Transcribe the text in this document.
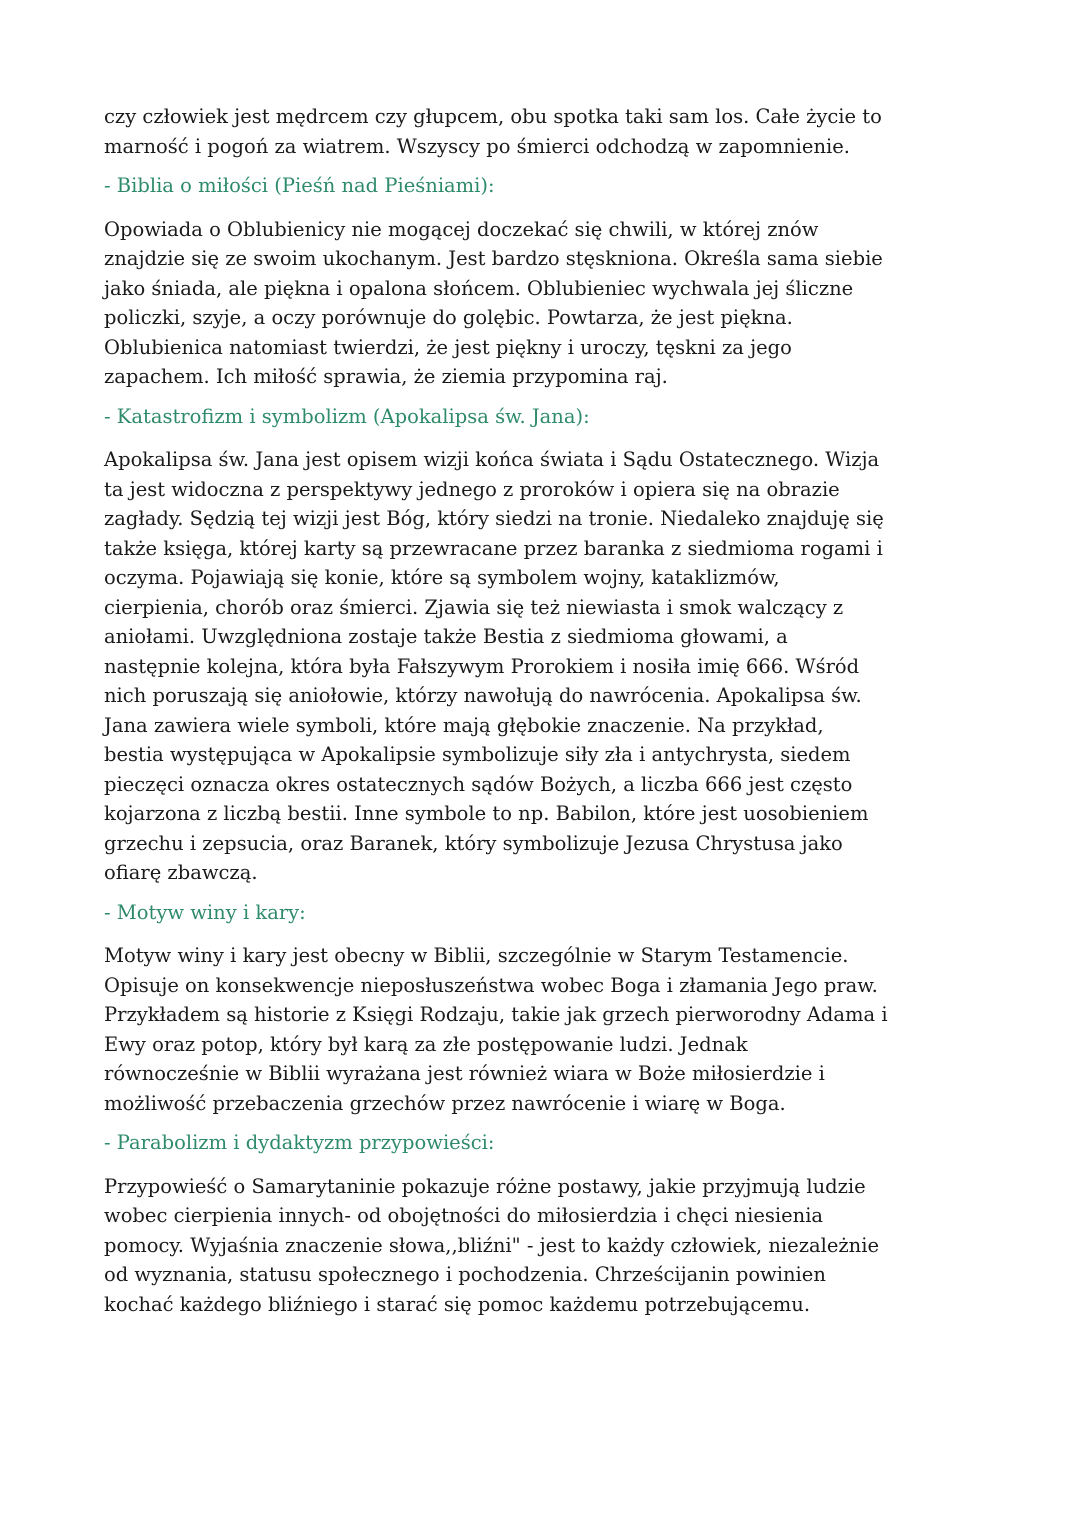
czy człowiek jest mędrcem czy głupcem, obu spotka taki sam los. Całe życie to
marność i pogoń za wiatrem. Wszyscy po śmierci odchodzą w zapomnienie.
- Biblia o miłości (Pieśń nad Pieśniami):
Opowiada o Oblubienicy nie mogącej doczekać się chwili, w której znów
znajdzie się ze swoim ukochanym. Jest bardzo stęskniona. Określa sama siebie
jako śniada, ale piękna i opalona słońcem. Oblubieniec wychwala jej śliczne
policzki, szyje, a oczy porównuje do golębic. Powtarza, że jest piękna.
Oblubienica natomiast twierdzi, że jest piękny i uroczy, tęskni za jego
zapachem. Ich miłość sprawia, że ziemia przypomina raj.
- Katastrofizm i symbolizm (Apokalipsa św. Jana):
Apokalipsa św. Jana jest opisem wizji końca świata i Sądu Ostatecznego. Wizja
ta jest widoczna z perspektywy jednego z proroków i opiera się na obrazie
zagłady. Sędzią tej wizji jest Bóg, który siedzi na tronie. Niedaleko znajduję się
także księga, której karty są przewracane przez baranka z siedmioma rogami i
oczyma. Pojawiają się konie, które są symbolem wojny, kataklizmów,
cierpienia, chorób oraz śmierci. Zjawia się też niewiasta i smok walczący z
aniołami. Uwzględniona zostaje także Bestia z siedmioma głowami, a
następnie kolejna, która była Fałszywym Prorokiem i nosiła imię 666. Wśród
nich poruszają się aniołowie, którzy nawołują do nawrócenia. Apokalipsa św.
Jana zawiera wiele symboli, które mają głębokie znaczenie. Na przykład,
bestia występująca w Apokalipsie symbolizuje siły zła i antychrysta, siedem
pieczęci oznacza okres ostatecznych sądów Bożych, a liczba 666 jest często
kojarzona z liczbą bestii. Inne symbole to np. Babilon, które jest uosobieniem
grzechu i zepsucia, oraz Baranek, który symbolizuje Jezusa Chrystusa jako
ofiarę zbawczą.
- Motyw winy i kary:
Motyw winy i kary jest obecny w Biblii, szczególnie w Starym Testamencie.
Opisuje on konsekwencje nieposłuszeństwa wobec Boga i złamania Jego praw.
Przykładem są historie z Księgi Rodzaju, takie jak grzech pierworodny Adama i
Ewy oraz potop, który był karą za złe postępowanie ludzi. Jednak
równocześnie w Biblii wyrażana jest również wiara w Boże miłosierdzie i
możliwość przebaczenia grzechów przez nawrócenie i wiarę w Boga.
- Parabolizm i dydaktyzm przypowieści:
Przypowieść o Samarytaninie pokazuje różne postawy, jakie przyjmują ludzie
wobec cierpienia innych- od obojętności do miłosierdzia i chęci niesienia
pomocy. Wyjaśnia znaczenie słowa,,bliźni" - jest to każdy człowiek, niezależnie
od wyznania, statusu społecznego i pochodzenia. Chrześcijanin powinien
kochać każdego bliźniego i starać się pomoc każdemu potrzebującemu.
